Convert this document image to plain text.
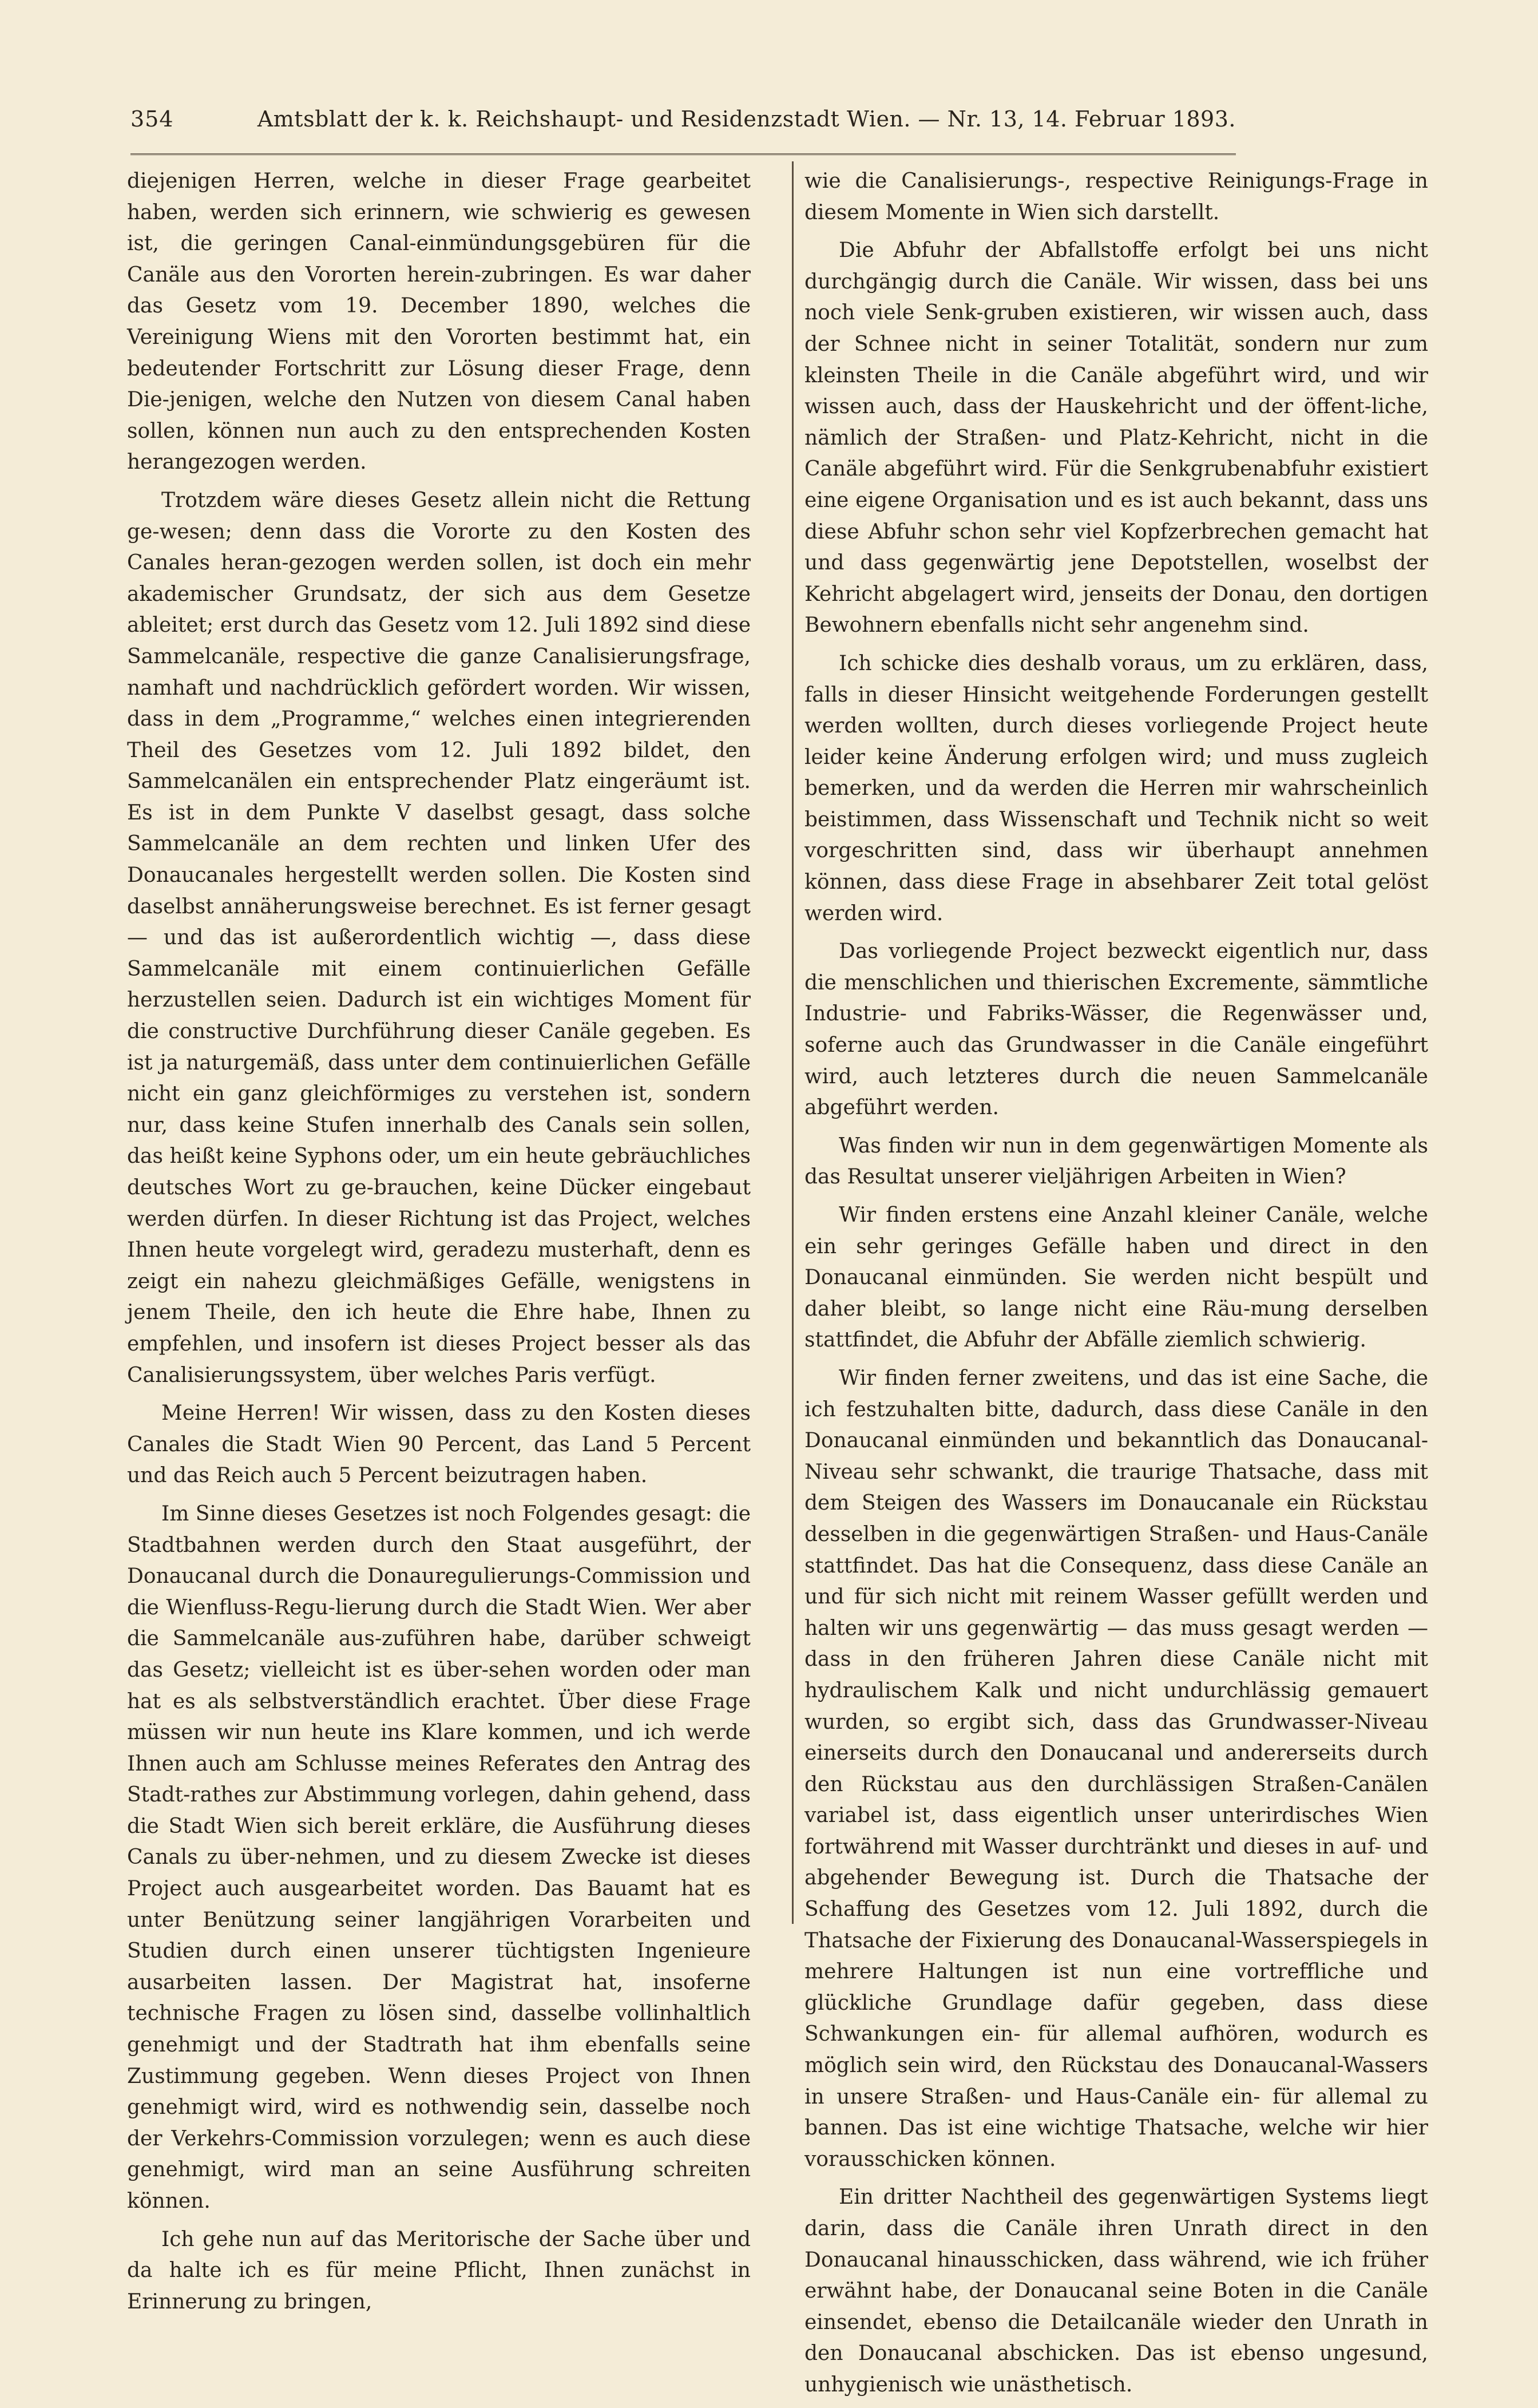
354	Amtsblatt der k. k. Reichshaupt- und Residenzstadt Wien. — Nr. 13, 14. Februar 1893.

diejenigen Herren, welche in dieser Frage gearbeitet haben, werden sich erinnern, wie schwierig es gewesen ist, die geringen Canal-einmündungsgebüren für die Canäle aus den Vororten herein-zubringen. Es war daher das Gesetz vom 19. December 1890, welches die Vereinigung Wiens mit den Vororten bestimmt hat, ein bedeutender Fortschritt zur Lösung dieser Frage, denn Die-jenigen, welche den Nutzen von diesem Canal haben sollen, können nun auch zu den entsprechenden Kosten herangezogen werden.

Trotzdem wäre dieses Gesetz allein nicht die Rettung ge-wesen; denn dass die Vororte zu den Kosten des Canales heran-gezogen werden sollen, ist doch ein mehr akademischer Grundsatz, der sich aus dem Gesetze ableitet; erst durch das Gesetz vom 12. Juli 1892 sind diese Sammelcanäle, respective die ganze Canalisierungsfrage, namhaft und nachdrücklich gefördert worden. Wir wissen, dass in dem „Programme,“ welches einen integrierenden Theil des Gesetzes vom 12. Juli 1892 bildet, den Sammelcanälen ein entsprechender Platz eingeräumt ist. Es ist in dem Punkte V daselbst gesagt, dass solche Sammelcanäle an dem rechten und linken Ufer des Donaucanales hergestellt werden sollen. Die Kosten sind daselbst annäherungsweise berechnet. Es ist ferner gesagt — und das ist außerordentlich wichtig —, dass diese Sammelcanäle mit einem continuierlichen Gefälle herzustellen seien. Dadurch ist ein wichtiges Moment für die constructive Durchführung dieser Canäle gegeben. Es ist ja naturgemäß, dass unter dem continuierlichen Gefälle nicht ein ganz gleichförmiges zu verstehen ist, sondern nur, dass keine Stufen innerhalb des Canals sein sollen, das heißt keine Syphons oder, um ein heute gebräuchliches deutsches Wort zu ge-brauchen, keine Dücker eingebaut werden dürfen. In dieser Richtung ist das Project, welches Ihnen heute vorgelegt wird, geradezu musterhaft, denn es zeigt ein nahezu gleichmäßiges Gefälle, wenigstens in jenem Theile, den ich heute die Ehre habe, Ihnen zu empfehlen, und insofern ist dieses Project besser als das Canalisierungssystem, über welches Paris verfügt.

Meine Herren! Wir wissen, dass zu den Kosten dieses Canales die Stadt Wien 90 Percent, das Land 5 Percent und das Reich auch 5 Percent beizutragen haben.

Im Sinne dieses Gesetzes ist noch Folgendes gesagt: die Stadtbahnen werden durch den Staat ausgeführt, der Donaucanal durch die Donauregulierungs-Commission und die Wienfluss-Regu-lierung durch die Stadt Wien. Wer aber die Sammelcanäle aus-zuführen habe, darüber schweigt das Gesetz; vielleicht ist es über-sehen worden oder man hat es als selbstverständlich erachtet. Über diese Frage müssen wir nun heute ins Klare kommen, und ich werde Ihnen auch am Schlusse meines Referates den Antrag des Stadt-rathes zur Abstimmung vorlegen, dahin gehend, dass die Stadt Wien sich bereit erkläre, die Ausführung dieses Canals zu über-nehmen, und zu diesem Zwecke ist dieses Project auch ausgearbeitet worden. Das Bauamt hat es unter Benützung seiner langjährigen Vorarbeiten und Studien durch einen unserer tüchtigsten Ingenieure ausarbeiten lassen. Der Magistrat hat, insoferne technische Fragen zu lösen sind, dasselbe vollinhaltlich genehmigt und der Stadtrath hat ihm ebenfalls seine Zustimmung gegeben. Wenn dieses Project von Ihnen genehmigt wird, wird es nothwendig sein, dasselbe noch der Verkehrs-Commission vorzulegen; wenn es auch diese genehmigt, wird man an seine Ausführung schreiten können.

Ich gehe nun auf das Meritorische der Sache über und da halte ich es für meine Pflicht, Ihnen zunächst in Erinnerung zu bringen,

wie die Canalisierungs-, respective Reinigungs-Frage in diesem Momente in Wien sich darstellt.

Die Abfuhr der Abfallstoffe erfolgt bei uns nicht durchgängig durch die Canäle. Wir wissen, dass bei uns noch viele Senk-gruben existieren, wir wissen auch, dass der Schnee nicht in seiner Totalität, sondern nur zum kleinsten Theile in die Canäle abgeführt wird, und wir wissen auch, dass der Hauskehricht und der öffent-liche, nämlich der Straßen- und Platz-Kehricht, nicht in die Canäle abgeführt wird. Für die Senkgrubenabfuhr existiert eine eigene Organisation und es ist auch bekannt, dass uns diese Abfuhr schon sehr viel Kopfzerbrechen gemacht hat und dass gegenwärtig jene Depotstellen, woselbst der Kehricht abgelagert wird, jenseits der Donau, den dortigen Bewohnern ebenfalls nicht sehr angenehm sind.

Ich schicke dies deshalb voraus, um zu erklären, dass, falls in dieser Hinsicht weitgehende Forderungen gestellt werden wollten, durch dieses vorliegende Project heute leider keine Änderung erfolgen wird; und muss zugleich bemerken, und da werden die Herren mir wahrscheinlich beistimmen, dass Wissenschaft und Technik nicht so weit vorgeschritten sind, dass wir überhaupt annehmen können, dass diese Frage in absehbarer Zeit total gelöst werden wird.

Das vorliegende Project bezweckt eigentlich nur, dass die menschlichen und thierischen Excremente, sämmtliche Industrie- und Fabriks-Wässer, die Regenwässer und, soferne auch das Grundwasser in die Canäle eingeführt wird, auch letzteres durch die neuen Sammelcanäle abgeführt werden.

Was finden wir nun in dem gegenwärtigen Momente als das Resultat unserer vieljährigen Arbeiten in Wien?

Wir finden erstens eine Anzahl kleiner Canäle, welche ein sehr geringes Gefälle haben und direct in den Donaucanal einmünden. Sie werden nicht bespült und daher bleibt, so lange nicht eine Räu-mung derselben stattfindet, die Abfuhr der Abfälle ziemlich schwierig.

Wir finden ferner zweitens, und das ist eine Sache, die ich festzuhalten bitte, dadurch, dass diese Canäle in den Donaucanal einmünden und bekanntlich das Donaucanal-Niveau sehr schwankt, die traurige Thatsache, dass mit dem Steigen des Wassers im Donaucanale ein Rückstau desselben in die gegenwärtigen Straßen- und Haus-Canäle stattfindet. Das hat die Consequenz, dass diese Canäle an und für sich nicht mit reinem Wasser gefüllt werden und halten wir uns gegenwärtig — das muss gesagt werden — dass in den früheren Jahren diese Canäle nicht mit hydraulischem Kalk und nicht undurchlässig gemauert wurden, so ergibt sich, dass das Grundwasser-Niveau einerseits durch den Donaucanal und andererseits durch den Rückstau aus den durchlässigen Straßen-Canälen variabel ist, dass eigentlich unser unterirdisches Wien fortwährend mit Wasser durchtränkt und dieses in auf- und abgehender Bewegung ist. Durch die Thatsache der Schaffung des Gesetzes vom 12. Juli 1892, durch die Thatsache der Fixierung des Donaucanal-Wasserspiegels in mehrere Haltungen ist nun eine vortreffliche und glückliche Grundlage dafür gegeben, dass diese Schwankungen ein- für allemal aufhören, wodurch es möglich sein wird, den Rückstau des Donaucanal-Wassers in unsere Straßen- und Haus-Canäle ein- für allemal zu bannen. Das ist eine wichtige Thatsache, welche wir hier vorausschicken können.

Ein dritter Nachtheil des gegenwärtigen Systems liegt darin, dass die Canäle ihren Unrath direct in den Donaucanal hinausschicken, dass während, wie ich früher erwähnt habe, der Donaucanal seine Boten in die Canäle einsendet, ebenso die Detailcanäle wieder den Unrath in den Donaucanal abschicken. Das ist ebenso ungesund, unhygienisch wie unästhetisch.
